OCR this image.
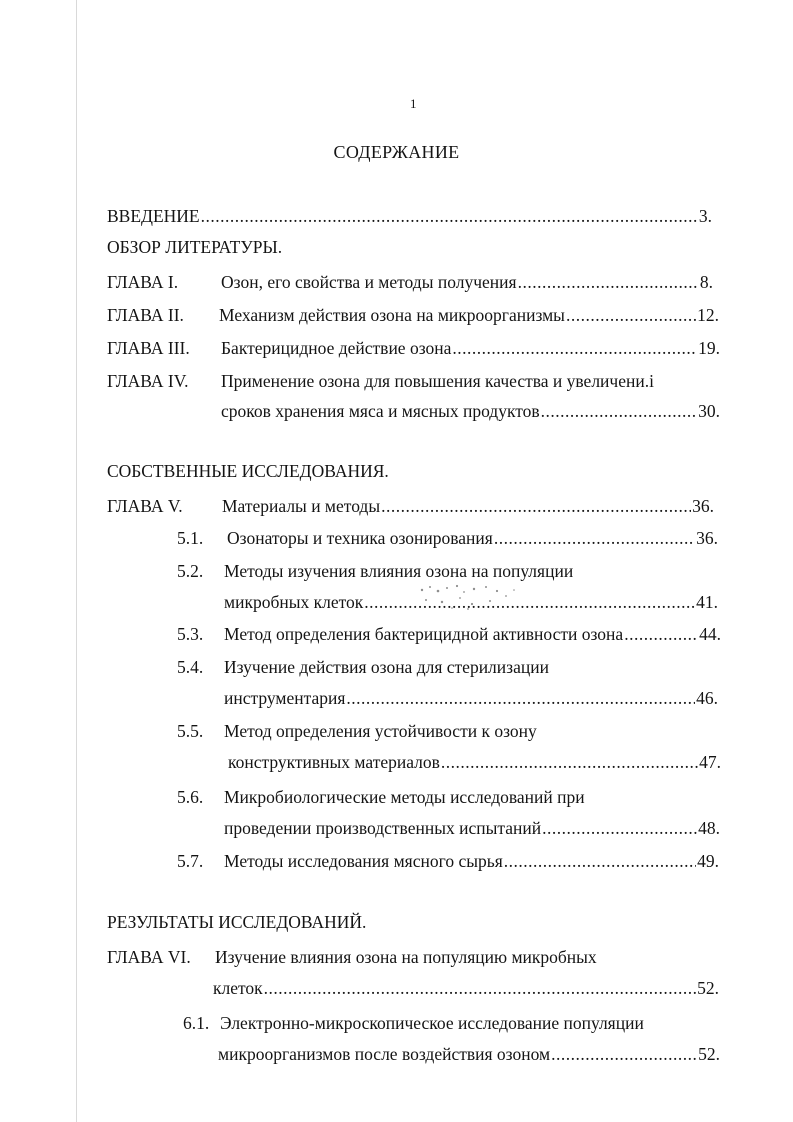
1
СОДЕРЖАНИЕ
ВВЕДЕНИЕ .....	3.
ОБЗОР ЛИТЕРАТУРЫ.
ГЛАВА I. Озон, его свойства и методы получения .....	8.
ГЛАВА II. Механизм действия озона на микроорганизмы .....	12.
ГЛАВА III. Бактерицидное действие озона .....	19.
ГЛАВА IV. Применение озона для повышения качества и увеличени.і
сроков хранения мяса и мясных продуктов .....	30.
СОБСТВЕННЫЕ ИССЛЕДОВАНИЯ.
ГЛАВА V. Материалы и методы .....	36.
5.1. Озонаторы и техника озонирования .....	36.
5.2. Методы изучения влияния озона на популяции
микробных клеток .....	41.
5.3. Метод определения бактерицидной активности озона .....	44.
5.4. Изучение действия озона для стерилизации
инструментария .....	46.
5.5. Метод определения устойчивости к озону
конструктивных материалов .....	47.
5.6. Микробиологические методы исследований при
проведении производственных испытаний .....	48.
5.7. Методы исследования мясного сырья .....	49.
РЕЗУЛЬТАТЫ ИССЛЕДОВАНИЙ.
ГЛАВА VI. Изучение влияния озона на популяцию микробных
клеток .....	52.
6.1. Электронно-микроскопическое исследование популяции
микроорганизмов после воздействия озоном .....	52.
